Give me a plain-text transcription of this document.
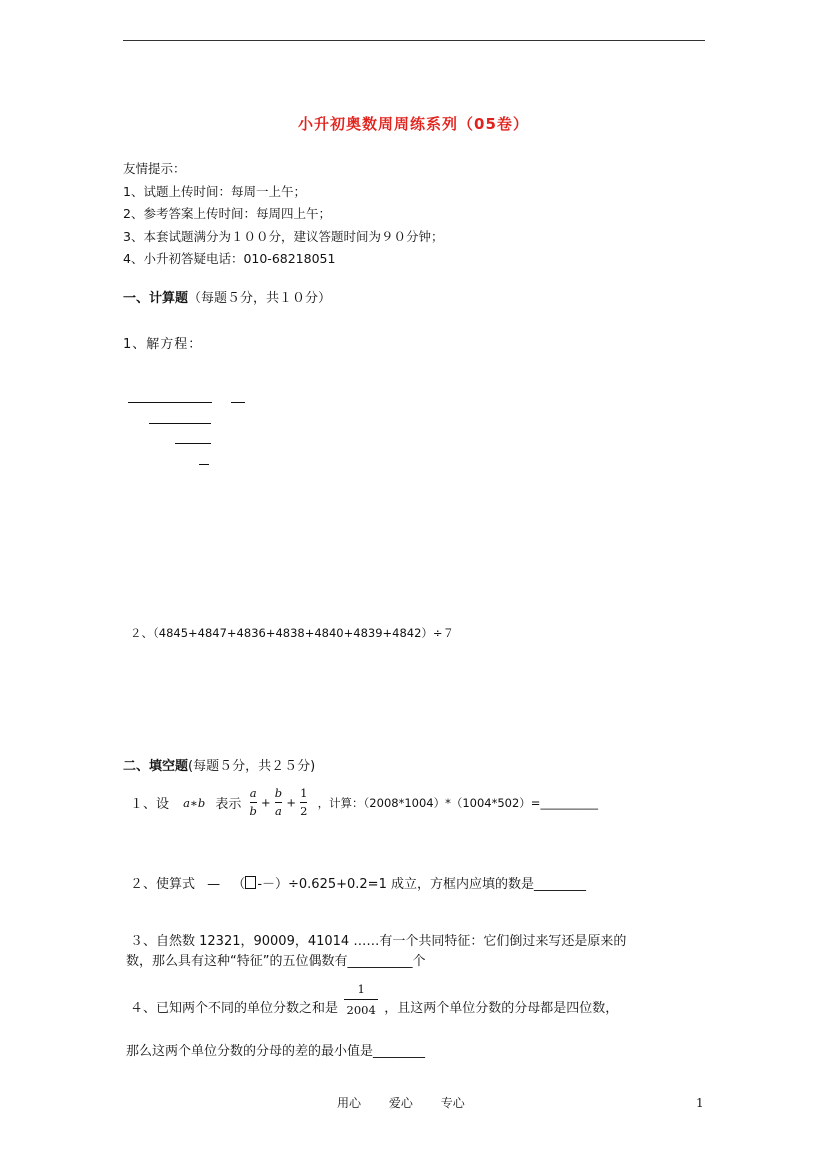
小升初奥数周周练系列（05卷）
友情提示：
1、试题上传时间：每周一上午；
2、参考答案上传时间：每周四上午；
3、本套试题满分为１００分，建议答题时间为９０分钟；
4、小升初答疑电话：010-68218051
一、计算题（每题５分，共１０分）
1、解方程：
２、（4845+4847+4836+4838+4840+4839+4842）÷７
二、填空题(每题５分，共２５分)
１、设 a∗b 表示 $\frac{a}{b} + \frac{b}{a} + \frac{1}{2}$ ，计算：（2008*1004）*（1004*502）=__________
２、使算式 — （ -－）÷0.625+0.2=1 成立，方框内应填的数是________
３、自然数 12321，90009，41014 ……有一个共同特征：它们倒过来写还是原来的
数，那么具有这种“特征”的五位偶数有__________个
４、已知两个不同的单位分数之和是 $\frac{1}{2004}$ ，且这两个单位分数的分母都是四位数，
那么这两个单位分数的分母的差的最小值是________
用心 爱心 专心	1
